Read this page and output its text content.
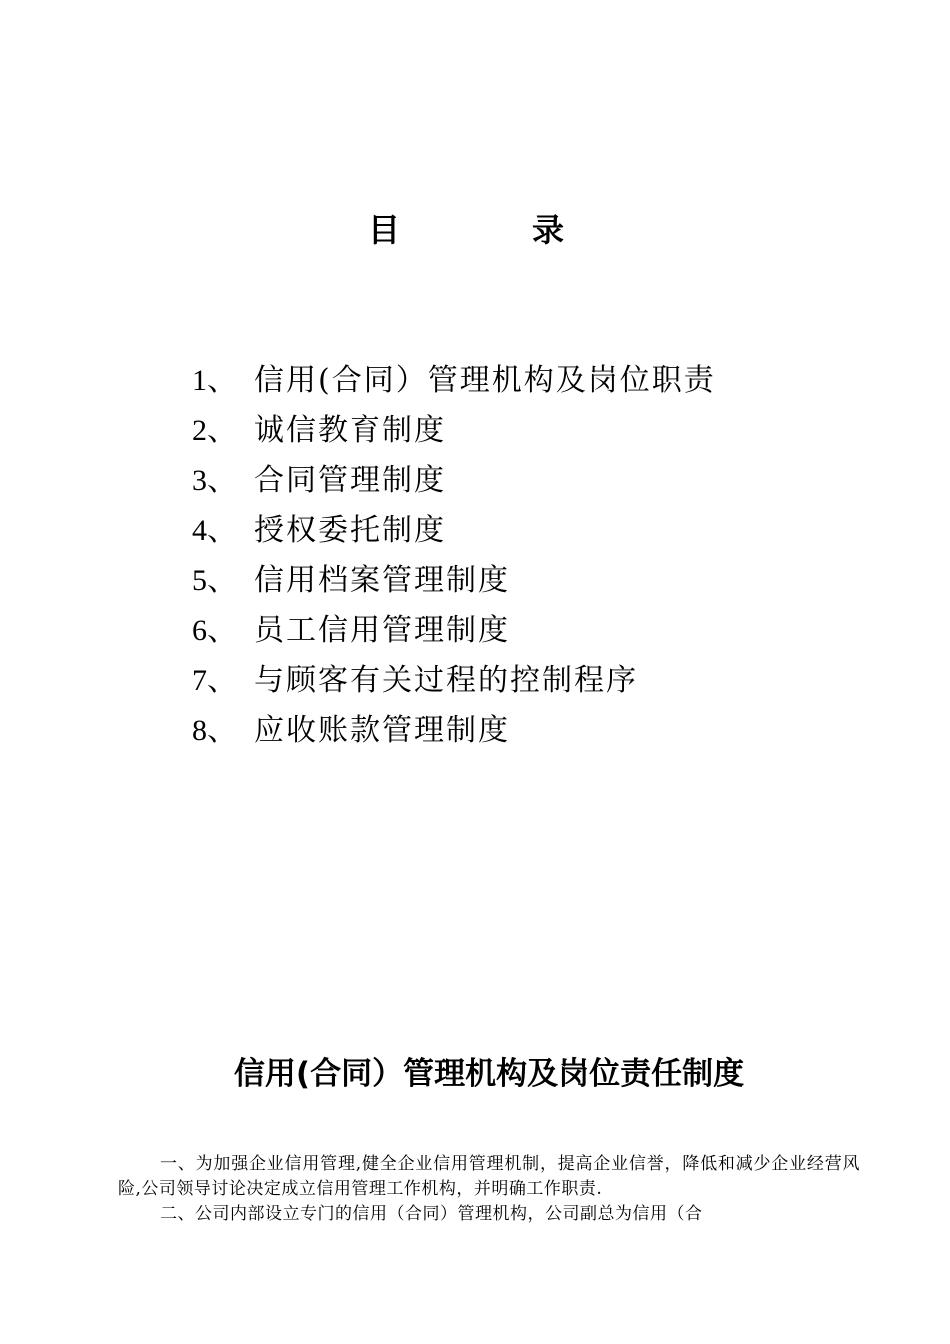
目　录
1、 信用(合同）管理机构及岗位职责
2、 诚信教育制度
3、 合同管理制度
4、 授权委托制度
5、 信用档案管理制度
6、 员工信用管理制度
7、 与顾客有关过程的控制程序
8、 应收账款管理制度
信用(合同）管理机构及岗位责任制度

一、为加强企业信用管理,健全企业信用管理机制，提高企业信誉，降低和减少企业经营风险,公司领导讨论决定成立信用管理工作机构，并明确工作职责.

二、公司内部设立专门的信用（合同）管理机构，公司副总为信用（合
